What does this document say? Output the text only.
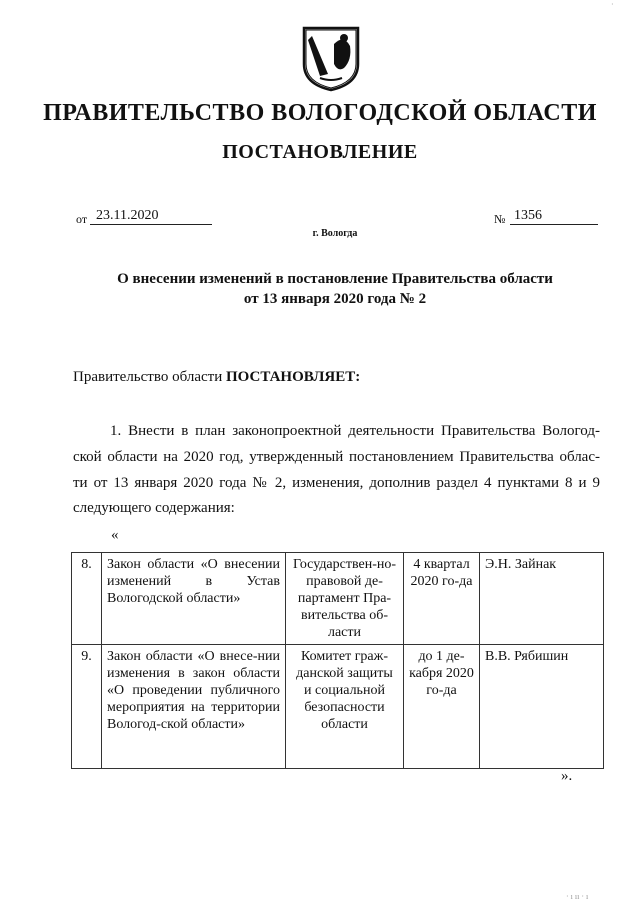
ПРАВИТЕЛЬСТВО ВОЛОГОДСКОЙ ОБЛАСТИ
ПОСТАНОВЛЕНИЕ
от 23.11.2020	№ 1356
г. Вологда
О внесении изменений в постановление Правительства области
от 13 января 2020 года № 2
Правительство области ПОСТАНОВЛЯЕТ:
1. Внести в план законопроектной деятельности Правительства Вологод-
ской области на 2020 год, утвержденный постановлением Правительства облас-
ти от 13 января 2020 года № 2, изменения, дополнив раздел 4 пунктами 8 и 9
следующего содержания:
«
8.	Закон области «О внесении изменений в Устав Вологодской области»	Государствен-но-правовой де-партамент Пра-вительства об-ласти	4 квартал 2020 го-да	Э.Н. Зайнак
9.	Закон области «О внесе-нии изменения в закон области «О проведении публичного мероприятия на территории Вологод-ской области»	Комитет граж-данской защиты и социальной безопасности области	до 1 де-кабря 2020 го-да	В.В. Рябишин
».
· ı ıı · ı
·
